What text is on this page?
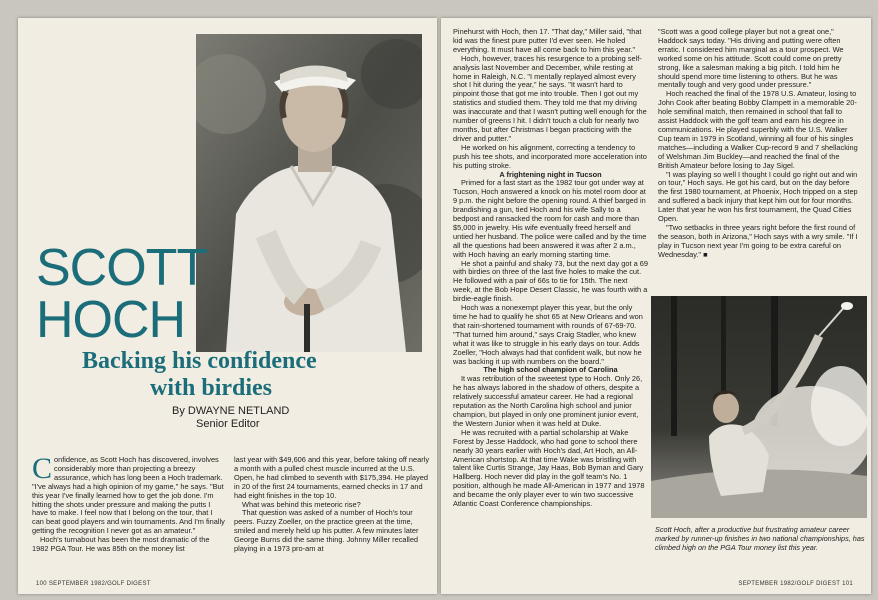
SCOTT
HOCH
Backing his confidence
with birdies
By DWAYNE NETLAND
Senior Editor
C onfidence, as Scott Hoch has discovered, involves considerably more than projecting a breezy assurance, which has long been a Hoch trademark. "I've always had a high opinion of my game," he says. "But this year I've finally learned how to get the job done. I'm hitting the shots under pressure and making the putts I have to make. I feel now that I belong on the tour, that I can beat good players and win tournaments. And I'm finally getting the recognition I never got as an amateur."

Hoch's turnabout has been the most dramatic of the 1982 PGA Tour. He was 85th on the money list

last year with $49,606 and this year, before taking off nearly a month with a pulled chest muscle incurred at the U.S. Open, he had climbed to seventh with $175,394. He played in 20 of the first 24 tournaments, earned checks in 17 and had eight finishes in the top 10.

What was behind this meteoric rise?

That question was asked of a number of Hoch's tour peers. Fuzzy Zoeller, on the practice green at the time, smiled and merely held up his putter. A few minutes later George Burns did the same thing. Johnny Miller recalled playing in a 1973 pro-am at

100 SEPTEMBER 1982/GOLF DIGEST

Pinehurst with Hoch, then 17. "That day," Miller said, "that kid was the finest pure putter I'd ever seen. He holed everything. It must have all come back to him this year."

Hoch, however, traces his resurgence to a probing self-analysis last November and December, while resting at home in Raleigh, N.C. "I mentally replayed almost every shot I hit during the year," he says. "It wasn't hard to pinpoint those that got me into trouble. Then I got out my statistics and studied them. They told me that my driving was inaccurate and that I wasn't putting well enough for the number of greens I hit. I didn't touch a club for nearly two months, but after Christmas I began practicing with the driver and putter."

He worked on his alignment, correcting a tendency to push his tee shots, and incorporated more acceleration into his putting stroke.

A frightening night in Tucson

Primed for a fast start as the 1982 tour got under way at Tucson, Hoch answered a knock on his motel room door at 9 p.m. the night before the opening round. A thief barged in brandishing a gun, tied Hoch and his wife Sally to a bedpost and ransacked the room for cash and more than $5,000 in jewelry. His wife eventually freed herself and untied her husband. The police were called and by the time all the questions had been answered it was after 2 a.m., with Hoch having an early morning starting time.

He shot a painful and shaky 73, but the next day got a 69 with birdies on three of the last five holes to make the cut. He followed with a pair of 66s to tie for 15th. The next week, at the Bob Hope Desert Classic, he was fourth with a birdie-eagle finish.

Hoch was a nonexempt player this year, but the only time he had to qualify he shot 65 at New Orleans and won that rain-shortened tournament with rounds of 67-69-70. "That turned him around," says Craig Stadler, who knew what it was like to struggle in his early days on tour. Adds Zoeller, "Hoch always had that confident walk, but now he was backing it up with numbers on the board."

The high school champion of Carolina

It was retribution of the sweetest type to Hoch. Only 26, he has always labored in the shadow of others, despite a relatively successful amateur career. He had a regional reputation as the North Carolina high school and junior champion, but played in only one prominent junior event, the Western Junior when it was held at Duke.

He was recruited with a partial scholarship at Wake Forest by Jesse Haddock, who had gone to school there nearly 30 years earlier with Hoch's dad, Art Hoch, an All-American shortstop. At that time Wake was bristling with talent like Curtis Strange, Jay Haas, Bob Byman and Gary Hallberg. Hoch never did play in the golf team's No. 1 position, although he made All-American in 1977 and 1978 and became the only player ever to win two successive Atlantic Coast Conference championships.

"Scott was a good college player but not a great one," Haddock says today. "His driving and putting were often erratic. I considered him marginal as a tour prospect. We worked some on his attitude. Scott could come on pretty strong, like a salesman making a big pitch. I told him he should spend more time listening to others. But he was mentally tough and very good under pressure."

Hoch reached the final of the 1978 U.S. Amateur, losing to John Cook after beating Bobby Clampett in a memorable 20-hole semifinal match, then remained in school that fall to assist Haddock with the golf team and earn his degree in communications. He played superbly with the U.S. Walker Cup team in 1979 in Scotland, winning all four of his singles matches—including a Walker Cup-record 9 and 7 shellacking of Welshman Jim Buckley—and reached the final of the British Amateur before losing to Jay Sigel.

"I was playing so well I thought I could go right out and win on tour," Hoch says. He got his card, but on the day before the first 1980 tournament, at Phoenix, Hoch tripped on a step and suffered a back injury that kept him out for four months. Later that year he won his first tournament, the Quad Cities Open.

"Two setbacks in three years right before the first round of the season, both in Arizona," Hoch says with a wry smile. "If I play in Tucson next year I'm going to be extra careful on Wednesday." ■

Scott Hoch, after a productive but frustrating amateur career marked by runner-up finishes in two national championships, has climbed high on the PGA Tour money list this year.
SEPTEMBER 1982/GOLF DIGEST 101
